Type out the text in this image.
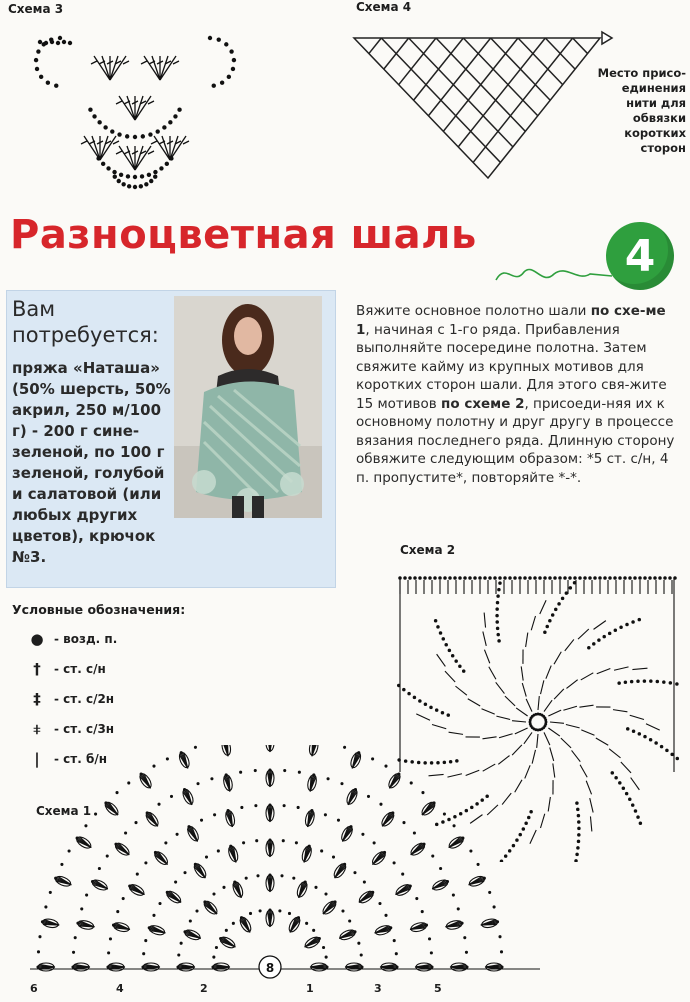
Схема 3	Схема 4
Место присо-единения нити для обвязки коротких сторон
Разноцветная шаль	4
Вам потребуется:
пряжа «Наташа» (50% шерсть, 50% акрил, 250 м/100 г) - 200 г сине-зеленой, по 100 г зеленой, голубой и салатовой (или любых других цветов), крючок №3.
Вяжите основное полотно шали по схе-ме 1, начиная с 1-го ряда. Прибавления выполняйте посередине полотна. Затем свяжите кайму из крупных мотивов для коротких сторон шали. Для этого свя-жите 15 мотивов по схеме 2, присоеди-няя их к основному полотну и друг другу в процессе вязания последнего ряда. Длинную сторону обвяжите следующим образом: *5 ст. с/н, 4 п. пропустите*, повторяйте *-*.
Схема 2
Условные обозначения:
● - возд. п.
† - ст. с/н
‡ - ст. с/2н
⧧ - ст. с/3н
|	- ст. б/н
Схема 1
8
6	4	2	1	3	5
